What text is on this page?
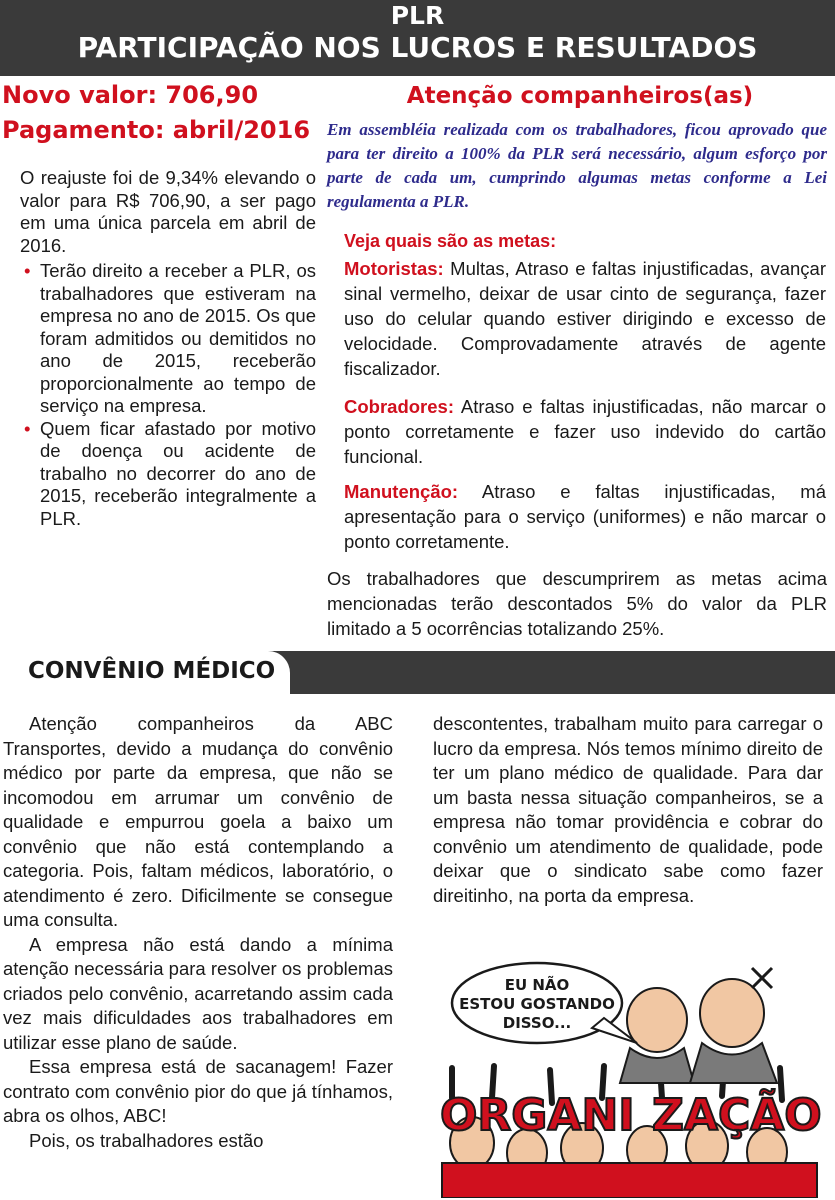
PLR
PARTICIPAÇÃO NOS LUCROS E RESULTADOS
Novo valor: 706,90
Pagamento: abril/2016

O reajuste foi de 9,34% elevando o valor para R$ 706,90, a ser pago em uma única parcela em abril de 2016.

• Terão direito a receber a PLR, os trabalhadores que estiveram na empresa no ano de 2015. Os que foram admitidos ou demitidos no ano de 2015, receberão proporcionalmente ao tempo de serviço na empresa.

• Quem ficar afastado por motivo de doença ou acidente de trabalho no decorrer do ano de 2015, receberão integralmente a PLR.

Atenção companheiros(as)

Em assembléia realizada com os trabalhadores, ficou aprovado que para ter direito a 100% da PLR será necessário, algum esforço por parte de cada um, cumprindo algumas metas conforme a Lei regulamenta a PLR.

Veja quais são as metas:

Motoristas: Multas, Atraso e faltas injustificadas, avançar sinal vermelho, deixar de usar cinto de segurança, fazer uso do celular quando estiver dirigindo e excesso de velocidade. Comprovadamente através de agente fiscalizador.

Cobradores: Atraso e faltas injustificadas, não marcar o ponto corretamente e fazer uso indevido do cartão funcional.

Manutenção: Atraso e faltas injustificadas, má apresentação para o serviço (uniformes) e não marcar o ponto corretamente.

Os trabalhadores que descumprirem as metas acima mencionadas terão descontados 5% do valor da PLR limitado a 5 ocorrências totalizando 25%.

CONVÊNIO MÉDICO

Atenção companheiros da ABC Transportes, devido a mudança do convênio médico por parte da empresa, que não se incomodou em arrumar um convênio de qualidade e empurrou goela a baixo um convênio que não está contemplando a categoria. Pois, faltam médicos, laboratório, o atendimento é zero. Dificilmente se consegue uma consulta.

A empresa não está dando a mínima atenção necessária para resolver os problemas criados pelo convênio, acarretando assim cada vez mais dificuldades aos trabalhadores em utilizar esse plano de saúde.

Essa empresa está de sacanagem! Fazer contrato com convênio pior do que já tínhamos, abra os olhos, ABC!

Pois, os trabalhadores estão

descontentes, trabalham muito para carregar o lucro da empresa. Nós temos mínimo direito de ter um plano médico de qualidade. Para dar um basta nessa situação companheiros, se a empresa não tomar providência e cobrar do convênio um atendimento de qualidade, pode deixar que o sindicato sabe como fazer direitinho, na porta da empresa.

EU NÃO
ESTOU GOSTANDO
DISSO...
ORGANI ZAÇÃO
